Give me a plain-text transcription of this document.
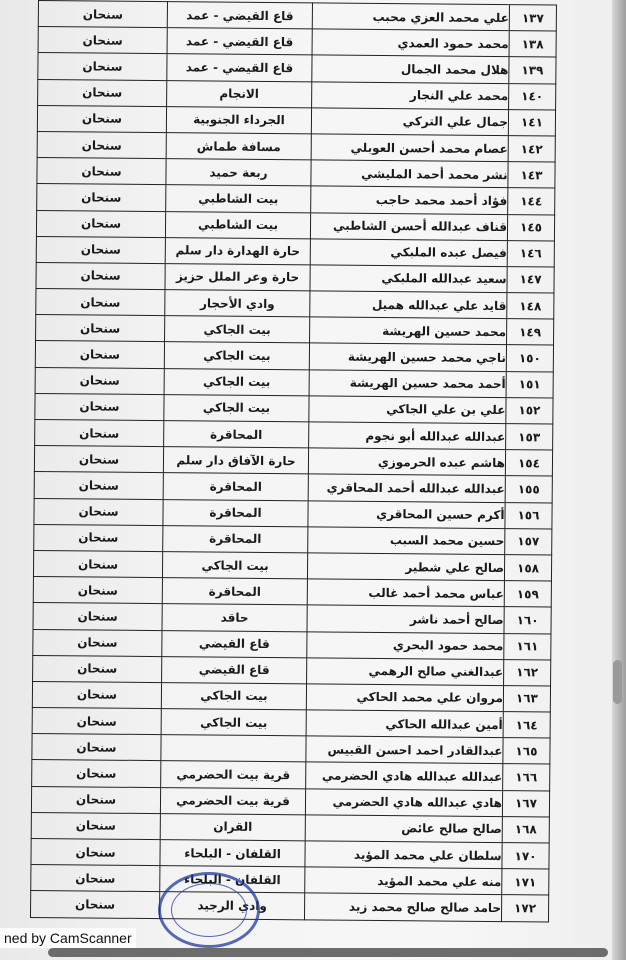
سنحان	قاع القيضي - عمد	علي محمد العزي محبب	١٣٧
سنحان	قاع القيضي - عمد	محمد حمود العمدي	١٣٨
سنحان	قاع القيضي - عمد	هلال محمد الجمال	١٣٩
سنحان	الانجام	محمد علي النجار	١٤٠
سنحان	الجرداء الجنوبية	جمال علي التركي	١٤١
سنحان	مسافة طماش	عصام محمد أحسن العوبلي	١٤٢
سنحان	ربعة حميد	نشر محمد أحمد المليشي	١٤٣
سنحان	بيت الشاطبي	فؤاد أحمد محمد حاجب	١٤٤
سنحان	بيت الشاطبي	قناف عبدالله أحسن الشاطبي	١٤٥
سنحان	حارة الهدارة دار سلم	فيصل عبده الملبكي	١٤٦
سنحان	حارة وعر الملل حزيز	سعيد عبدالله الملبكي	١٤٧
سنحان	وادي الأحجار	قايد علي عبدالله هميل	١٤٨
سنحان	بيت الجاكي	محمد حسين الهريشة	١٤٩
سنحان	بيت الجاكي	ناجي محمد حسين الهريشة	١٥٠
سنحان	بيت الجاكي	أحمد محمد حسين الهريشة	١٥١
سنحان	بيت الجاكي	علي بن علي الجاكي	١٥٢
سنحان	المحاقرة	عبدالله عبدالله أبو نجوم	١٥٣
سنحان	حارة الآفاق دار سلم	هاشم عبده الحرموزي	١٥٤
سنحان	المحاقرة	عبدالله عبدالله أحمد المحاقري	١٥٥
سنحان	المحاقرة	أكرم حسين المحاقري	١٥٦
سنحان	المحاقرة	حسين محمد السبب	١٥٧
سنحان	بيت الجاكي	صالح علي شطير	١٥٨
سنحان	المحاقرة	عباس محمد أحمد غالب	١٥٩
سنحان	حاقد	صالح أحمد ناشر	١٦٠
سنحان	قاع القيضي	محمد حمود البحري	١٦١
سنحان	قاع القيضي	عبدالغني صالح الرهمي	١٦٢
سنحان	بيت الجاكي	مروان علي محمد الحاكي	١٦٣
سنحان	بيت الجاكي	أمين عبدالله الحاكي	١٦٤
سنحان		عبدالقادر احمد احسن القبيس	١٦٥
سنحان	قرية بيت الحضرمي	عبدالله عبدالله هادي الحضرمي	١٦٦
سنحان	قرية بيت الحضرمي	هادي عبدالله هادي الحضرمي	١٦٧
سنحان	القران	صالح صالح عائض	١٦٨
سنحان	القلفان - البلحاء	سلطان علي محمد المؤيد	١٧٠
سنحان	القلفان - البلحاء	منه علي محمد المؤيد	١٧١
سنحان	وادي الرجيد	حامد صالح صالح محمد زيد	١٧٢
ned by CamScanner
